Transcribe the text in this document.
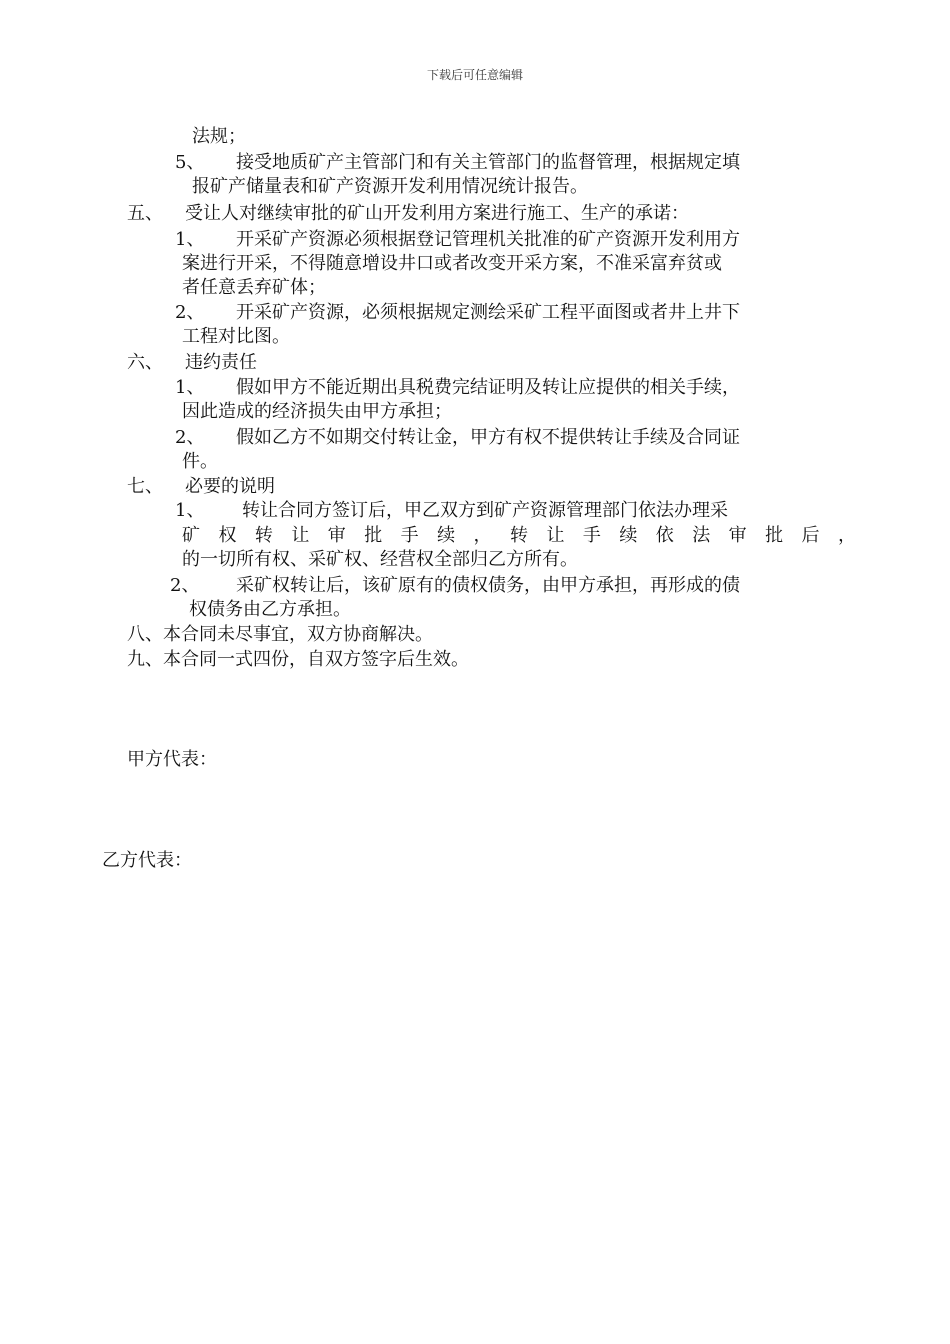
下载后可任意编辑
法规；
5、 接受地质矿产主管部门和有关主管部门的监督管理，根据规定填
报矿产储量表和矿产资源开发利用情况统计报告。
五、 受让人对继续审批的矿山开发利用方案进行施工、生产的承诺：
1、 开采矿产资源必须根据登记管理机关批准的矿产资源开发利用方
案进行开采，不得随意增设井口或者改变开采方案，不准采富弃贫或
者任意丢弃矿体；
2、 开采矿产资源，必须根据规定测绘采矿工程平面图或者井上井下
工程对比图。
六、 违约责任
1、 假如甲方不能近期出具税费完结证明及转让应提供的相关手续，
因此造成的经济损失由甲方承担；
2、 假如乙方不如期交付转让金，甲方有权不提供转让手续及合同证
件。
七、 必要的说明
1、 转让合同方签订后，甲乙双方到矿产资源管理部门依法办理采
矿权转让审批手续，转让手续依法审批后，
的一切所有权、采矿权、经营权全部归乙方所有。
2、 采矿权转让后，该矿原有的债权债务，由甲方承担，再形成的债
权债务由乙方承担。
八、本合同未尽事宜，双方协商解决。
九、本合同一式四份，自双方签字后生效。
甲方代表：
乙方代表：
